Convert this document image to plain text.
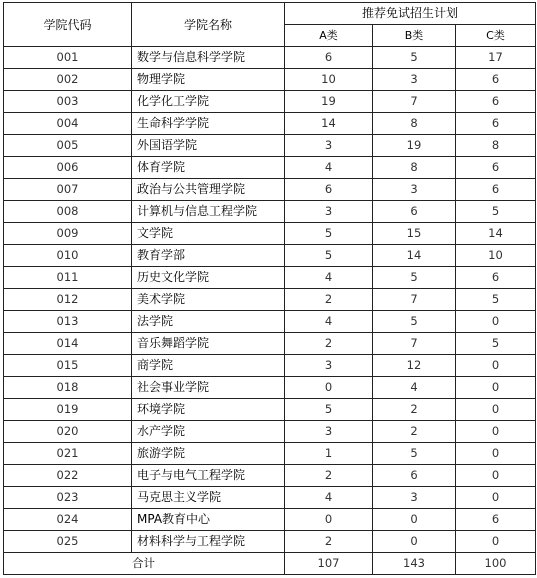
学院代码	学院名称	推荐免试招生计划		
		A类	B类	C类
001	数学与信息科学学院	6	5	17
002	物理学院	10	3	6
003	化学化工学院	19	7	6
004	生命科学学院	14	8	6
005	外国语学院	3	19	8
006	体育学院	4	8	6
007	政治与公共管理学院	6	3	6
008	计算机与信息工程学院	3	6	5
009	文学院	5	15	14
010	教育学部	5	14	10
011	历史文化学院	4	5	6
012	美术学院	2	7	5
013	法学院	4	5	0
014	音乐舞蹈学院	2	7	5
015	商学院	3	12	0
018	社会事业学院	0	4	0
019	环境学院	5	2	0
020	水产学院	3	2	0
021	旅游学院	1	5	0
022	电子与电气工程学院	2	6	0
023	马克思主义学院	4	3	0
024	MPA教育中心	0	0	6
025	材料科学与工程学院	2	0	0
合计		107	143	100
